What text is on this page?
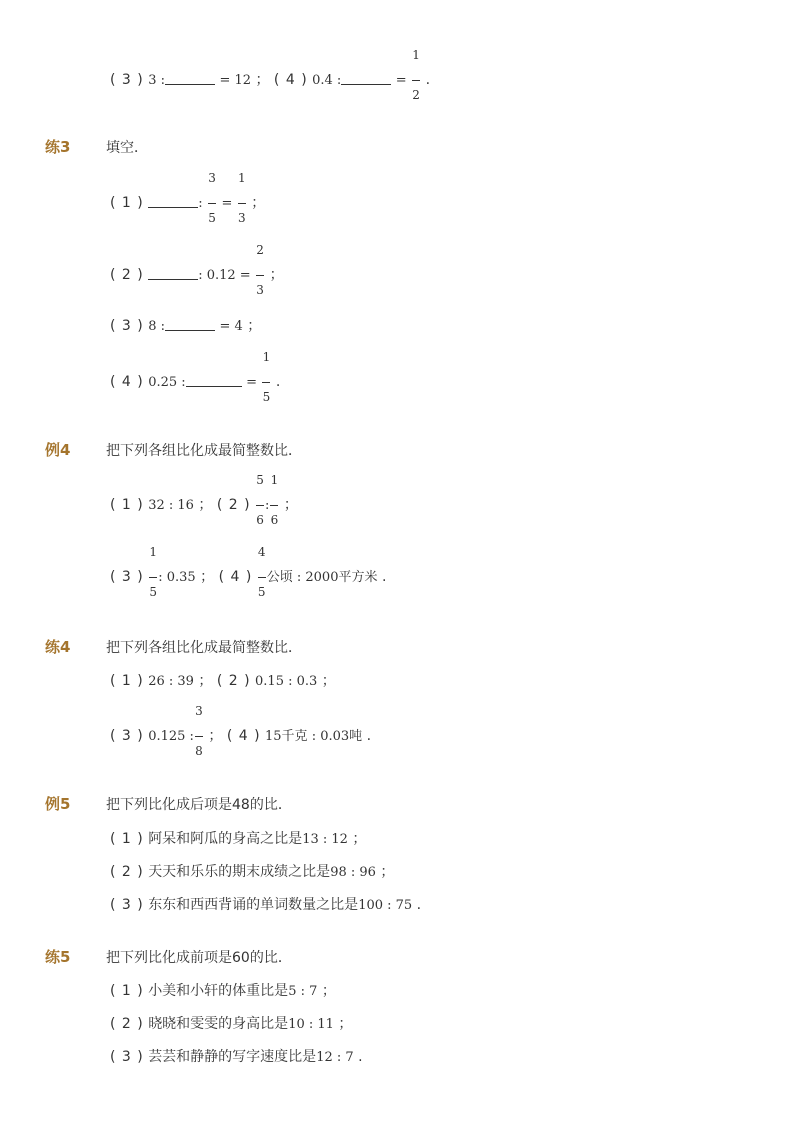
( 3 ) 3 :	= 12 ； ( 4 ) 0.4 :	= $\frac{1}{2}$ .
练3	填空．
( 1 )	: $\frac{3}{5} = \frac{1}{3}$ ；
( 2 )	: $0.12 = \frac{2}{3}$ ；
( 3 ) 8 :	= 4 ；
( 4 ) 0.25 :	= $\frac{1}{5}$ .
例4	把下列各组比化成最简整数比．
( 1 ) 32 : 16 ； ( 2 ) $\frac{5}{6}$ : $\frac{1}{6}$ ；
( 3 ) $\frac{1}{5}$ : 0.35 ； ( 4 ) $\frac{4}{5}$ 公顷 : 2000平方米 .
练4	把下列各组比化成最简整数比．
( 1 ) 26 : 39 ； ( 2 ) 0.15 : 0.3 ；
( 3 ) 0.125 : $\frac{3}{8}$ ； ( 4 ) 15千克 : 0.03吨 .
例5	把下列比化成后项是48的比．
( 1 ) 阿呆和阿瓜的身高之比是13 : 12 ；
( 2 ) 天天和乐乐的期末成绩之比是98 : 96 ；
( 3 ) 东东和西西背诵的单词数量之比是100 : 75 .
练5	把下列比化成前项是60的比．
( 1 ) 小美和小轩的体重比是5 : 7 ；
( 2 ) 晓晓和雯雯的身高比是10 : 11 ；
( 3 ) 芸芸和静静的写字速度比是12 : 7 .
